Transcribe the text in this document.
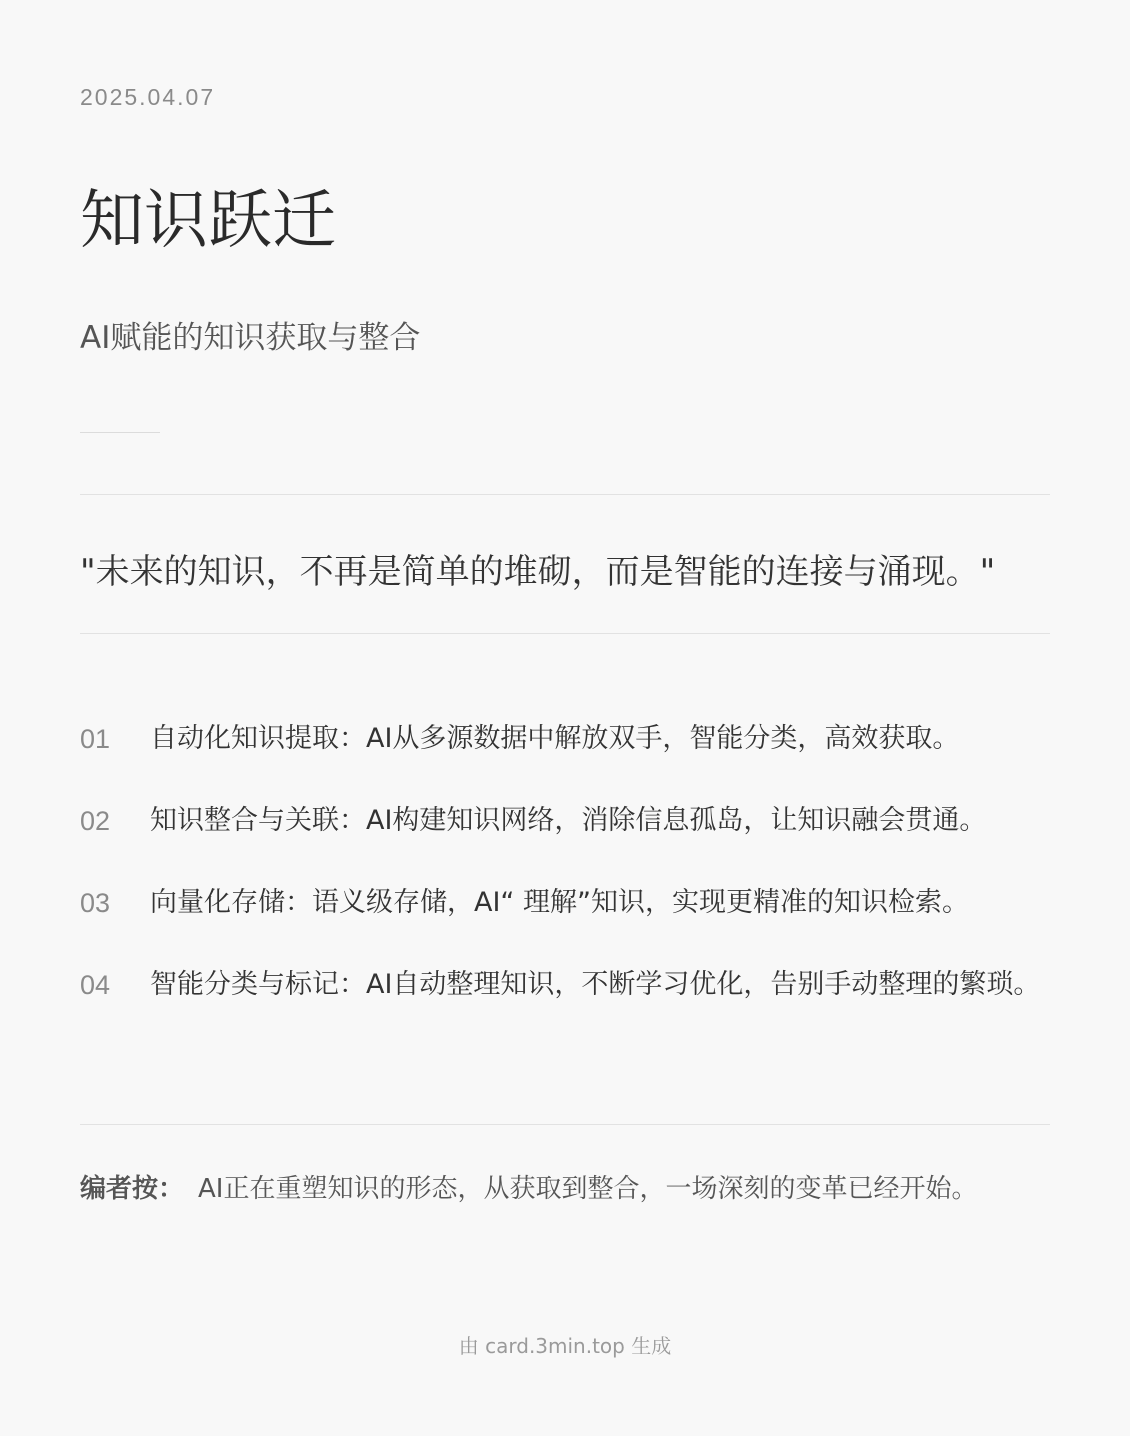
2025.04.07
知识跃迁
AI赋能的知识获取与整合
"未来的知识，不再是简单的堆砌，而是智能的连接与涌现。"
01	自动化知识提取：AI从多源数据中解放双手，智能分类，高效获取。
02	知识整合与关联：AI构建知识网络，消除信息孤岛，让知识融会贯通。
03	向量化存储：语义级存储，AI“ 理解”知识，实现更精准的知识检索。
04	智能分类与标记：AI自动整理知识，不断学习优化，告别手动整理的繁琐。
编者按： AI正在重塑知识的形态，从获取到整合，一场深刻的变革已经开始。
由 card.3min.top 生成
